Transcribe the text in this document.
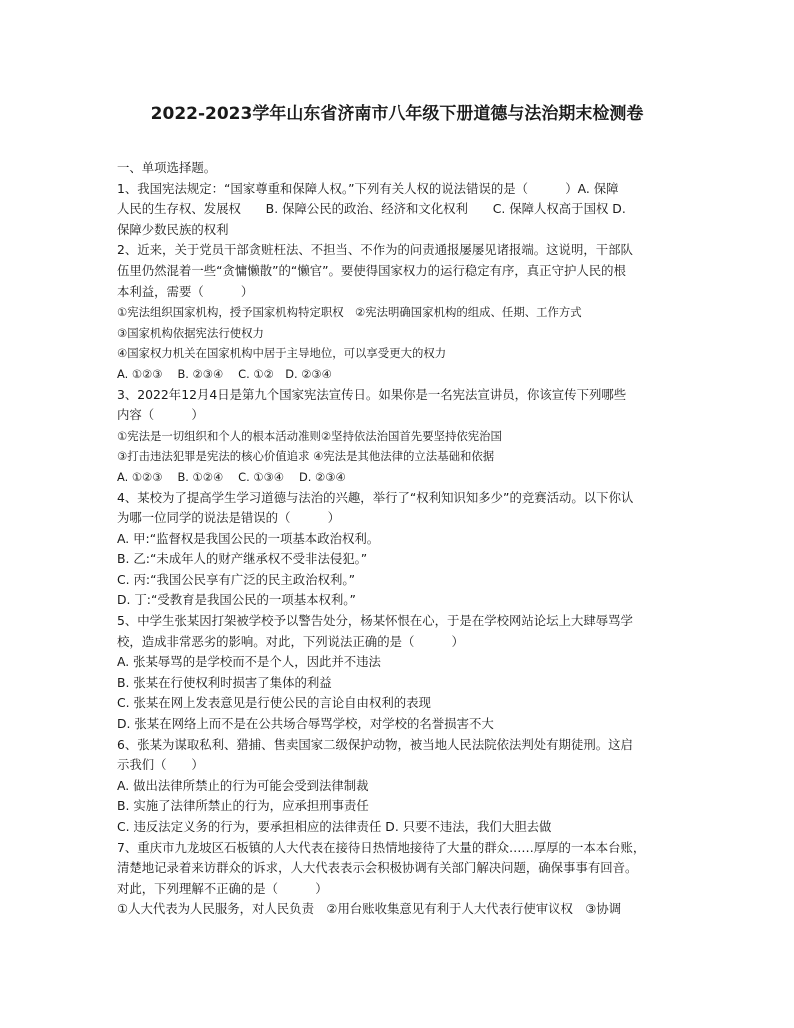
2022-2023学年山东省济南市八年级下册道德与法治期末检测卷
一、单项选择题。
1、我国宪法规定：“国家尊重和保障人权。”下列有关人权的说法错误的是（　　　）A. 保障
人民的生存权、发展权　　B. 保障公民的政治、经济和文化权利　　C. 保障人权高于国权 D.
保障少数民族的权利
2、近来，关于党员干部贪赃枉法、不担当、不作为的问责通报屡屡见诸报端。这说明，干部队
伍里仍然混着一些“贪慵懒散”的“懒官”。要使得国家权力的运行稳定有序，真正守护人民的根
本利益，需要（　　　）
①宪法组织国家机构，授予国家机构特定职权　②宪法明确国家机构的组成、任期、工作方式
③国家机构依据宪法行使权力
④国家权力机关在国家机构中居于主导地位，可以享受更大的权力
A. ①②③　 B. ②③④　 C. ①②　D. ②③④
3、2022年12月4日是第九个国家宪法宣传日。如果你是一名宪法宣讲员，你该宣传下列哪些
内容（　　　）
①宪法是一切组织和个人的根本活动准则②坚持依法治国首先要坚持依宪治国
③打击违法犯罪是宪法的核心价值追求 ④宪法是其他法律的立法基础和依据
A. ①②③　 B. ①②④　 C. ①③④　 D. ②③④
4、某校为了提高学生学习道德与法治的兴趣，举行了“权利知识知多少”的竞赛活动。以下你认
为哪一位同学的说法是错误的（　　　）
A. 甲:“监督权是我国公民的一项基本政治权利。
B. 乙:“未成年人的财产继承权不受非法侵犯。”
C. 丙:“我国公民享有广泛的民主政治权利。”
D. 丁:“受教育是我国公民的一项基本权利。”
5、中学生张某因打架被学校予以警告处分，杨某怀恨在心，于是在学校网站论坛上大肆辱骂学
校，造成非常恶劣的影响。对此，下列说法正确的是（　　　）
A. 张某辱骂的是学校而不是个人，因此并不违法
B. 张某在行使权利时损害了集体的利益
C. 张某在网上发表意见是行使公民的言论自由权利的表现
D. 张某在网络上而不是在公共场合辱骂学校，对学校的名誉损害不大
6、张某为谋取私利、猎捕、售卖国家二级保护动物，被当地人民法院依法判处有期徒刑。这启
示我们（　　）
A. 做出法律所禁止的行为可能会受到法律制裁
B. 实施了法律所禁止的行为，应承担刑事责任
C. 违反法定义务的行为，要承担相应的法律责任 D. 只要不违法，我们大胆去做
7、重庆市九龙坡区石板镇的人大代表在接待日热情地接待了大量的群众……厚厚的一本本台账，
清楚地记录着来访群众的诉求，人大代表表示会积极协调有关部门解决问题，确保事事有回音。
对此，下列理解不正确的是（　　　）
①人大代表为人民服务，对人民负责　②用台账收集意见有利于人大代表行使审议权　③协调
